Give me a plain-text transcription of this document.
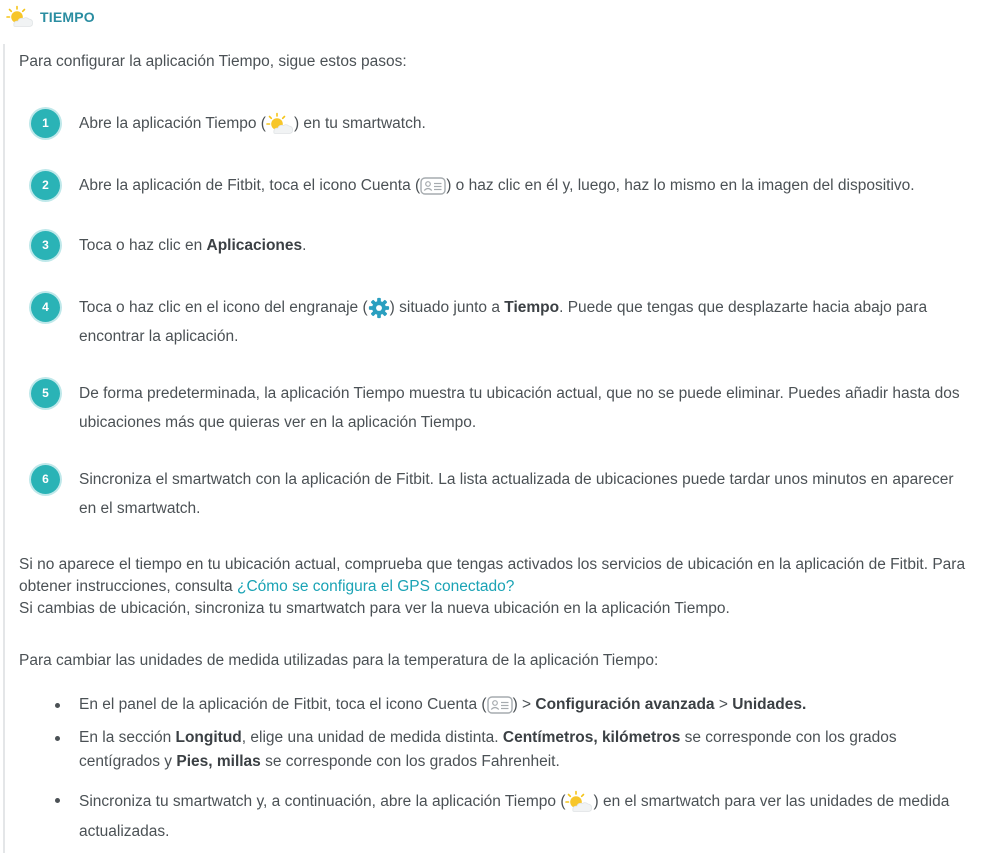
TIEMPO
Para configurar la aplicación Tiempo, sigue estos pasos:
1	Abre la aplicación Tiempo ( ) en tu smartwatch.
2	Abre la aplicación de Fitbit, toca el icono Cuenta ( ) o haz clic en él y, luego, haz lo mismo en la imagen del dispositivo.
3	Toca o haz clic en Aplicaciones.
4	Toca o haz clic en el icono del engranaje ( ) situado junto a Tiempo. Puede que tengas que desplazarte hacia abajo para
encontrar la aplicación.
5	De forma predeterminada, la aplicación Tiempo muestra tu ubicación actual, que no se puede eliminar. Puedes añadir hasta dos
ubicaciones más que quieras ver en la aplicación Tiempo.
6	Sincroniza el smartwatch con la aplicación de Fitbit. La lista actualizada de ubicaciones puede tardar unos minutos en aparecer
en el smartwatch.
Si no aparece el tiempo en tu ubicación actual, comprueba que tengas activados los servicios de ubicación en la aplicación de Fitbit. Para
obtener instrucciones, consulta ¿Cómo se configura el GPS conectado?
Si cambias de ubicación, sincroniza tu smartwatch para ver la nueva ubicación en la aplicación Tiempo.
Para cambiar las unidades de medida utilizadas para la temperatura de la aplicación Tiempo:
En el panel de la aplicación de Fitbit, toca el icono Cuenta ( ) > Configuración avanzada > Unidades.
En la sección Longitud, elige una unidad de medida distinta. Centímetros, kilómetros se corresponde con los grados
centígrados y Pies, millas se corresponde con los grados Fahrenheit.
Sincroniza tu smartwatch y, a continuación, abre la aplicación Tiempo ( ) en el smartwatch para ver las unidades de medida
actualizadas.
